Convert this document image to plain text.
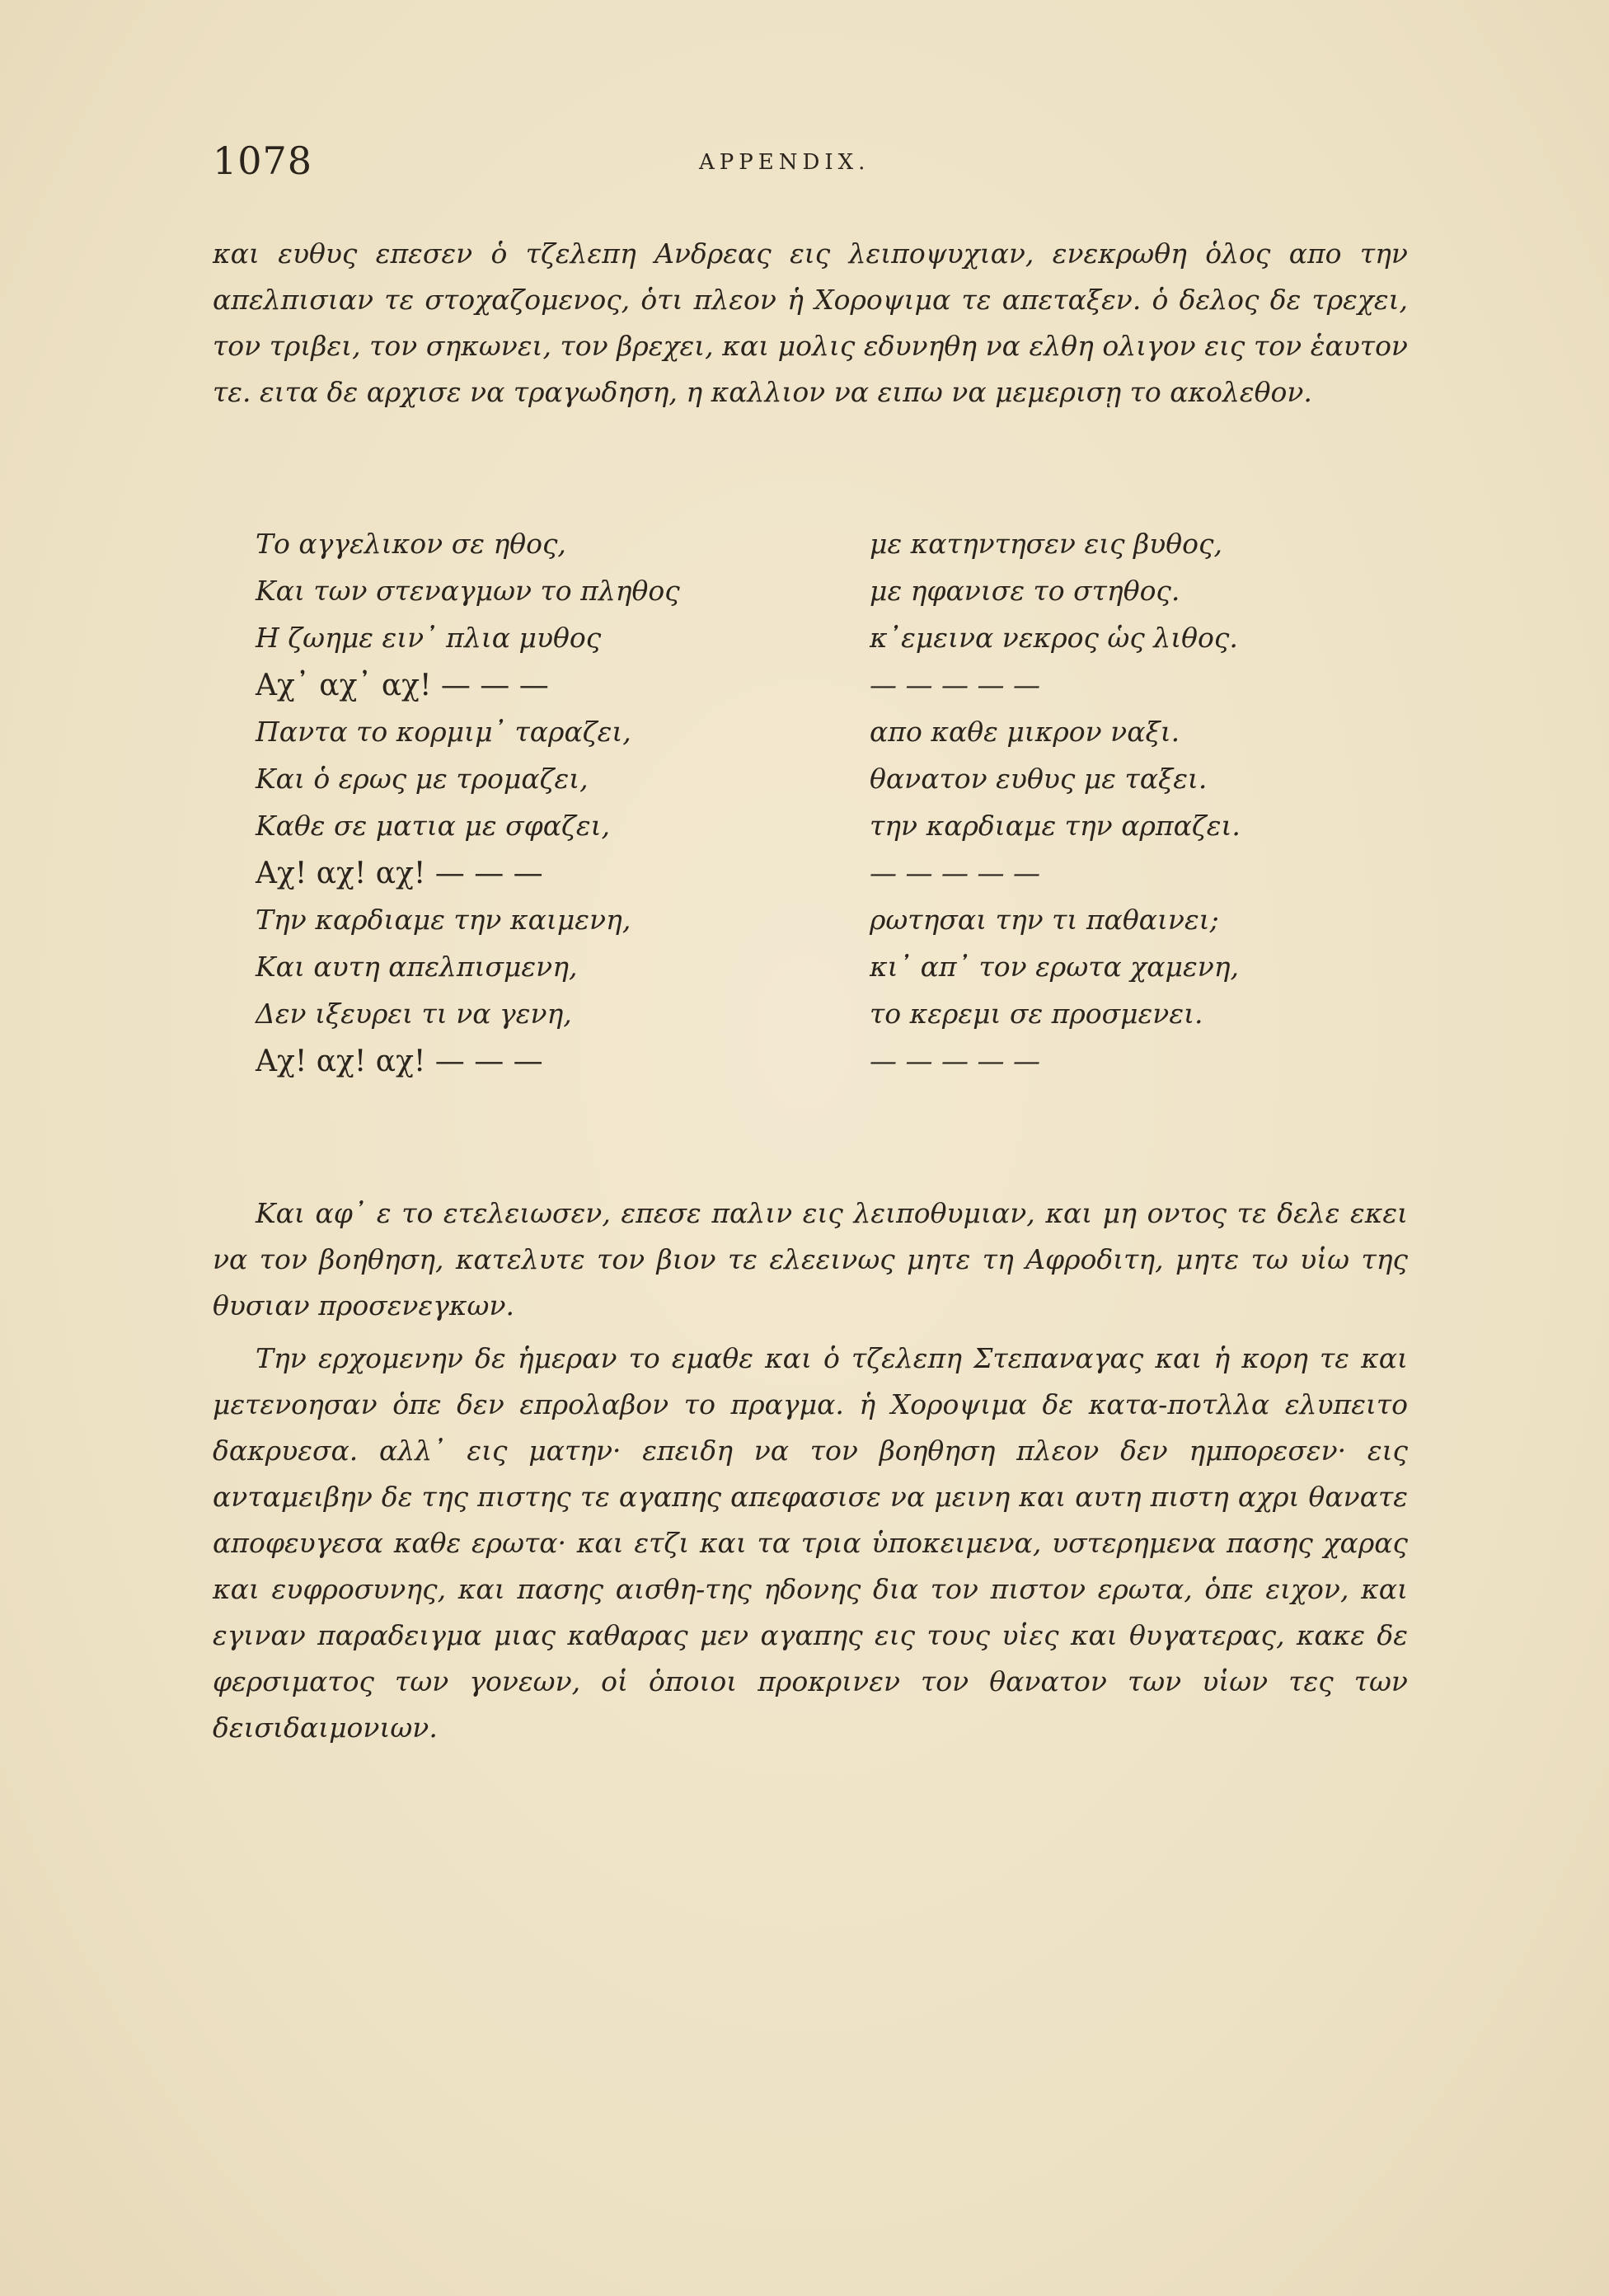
1078	APPENDIX.

και ευθυς επεσεν ὁ τζελεπη Ανδρεας εις λειποψυχιαν, ενεκρωθη ὁλος απο την απελπισιαν τε στοχαζομενος, ὁτι πλεον ἡ Χοροψιμα τε απεταξεν. ὁ δελος δε τρεχει, τον τριβει, τον σηκωνει, τον βρεχει, και μολις εδυνηθη να ελθη ολιγον εις τον ἑαυτον τε. ειτα δε αρχισε να τραγωδηση, η καλλιον να ειπω να μεμερισῃ το ακολεθον.

Το αγγελικον σε ηθος,	με κατηντησεν εις βυθος,
Και των στεναγμων το πληθος	με ηφανισε το στηθος.
Η ζωημε ειν᾽ πλια μυθος	κ᾽εμεινα νεκρος ὡς λιθος.
Αχ᾽ αχ᾽ αχ! — — —	— — — — —
Παντα το κορμιμ᾽ ταραζει,	απο καθε μικρον ναξι.
Και ὁ ερως με τρομαζει,	θανατον ευθυς με ταξει.
Καθε σε ματια με σφαζει,	την καρδιαμε την αρπαζει.
Αχ! αχ! αχ! — — —	— — — — —
Την καρδιαμε την καιμενη,	ρωτησαι την τι παθαινει;
Και αυτη απελπισμενη,	κι᾽ απ᾽ τον ερωτα χαμενη,
Δεν ιξευρει τι να γενη,	το κερεμι σε προσμενει.
Αχ! αχ! αχ! — — —	— — — — —

Και αφ᾽ ε το ετελειωσεν, επεσε παλιν εις λειποθυμιαν, και μη οντος τε δελε εκει να τον βοηθηση, κατελυτε τον βιον τε ελεεινως μητε τη Αφροδιτη, μητε τω υἱω της θυσιαν προσενεγκων.

Την ερχομενην δε ἡμεραν το εμαθε και ὁ τζελεπη Στεπαναγας και ἡ κορη τε και μετενοησαν ὁπε δεν επρολαβον το πραγμα. ἡ Χοροψιμα δε κατα-ποτλλα ελυπειτο δακρυεσα. αλλ᾽ εις ματην· επειδη να τον βοηθηση πλεον δεν ημπορεσεν· εις ανταμειβην δε της πιστης τε αγαπης απεφασισε να μεινη και αυτη πιστη αχρι θανατε αποφευγεσα καθε ερωτα· και ετζι και τα τρια ὑποκειμενα, υστερημενα πασης χαρας και ευφροσυνης, και πασης αισθη-της ηδονης δια τον πιστον ερωτα, ὁπε ειχον, και εγιναν παραδειγμα μιας καθαρας μεν αγαπης εις τους υἱες και θυγατερας, κακε δε φερσιματος των γονεων, οἱ ὁποιοι προκρινεν τον θανατον των υἱων τες των δεισιδαιμονιων.
